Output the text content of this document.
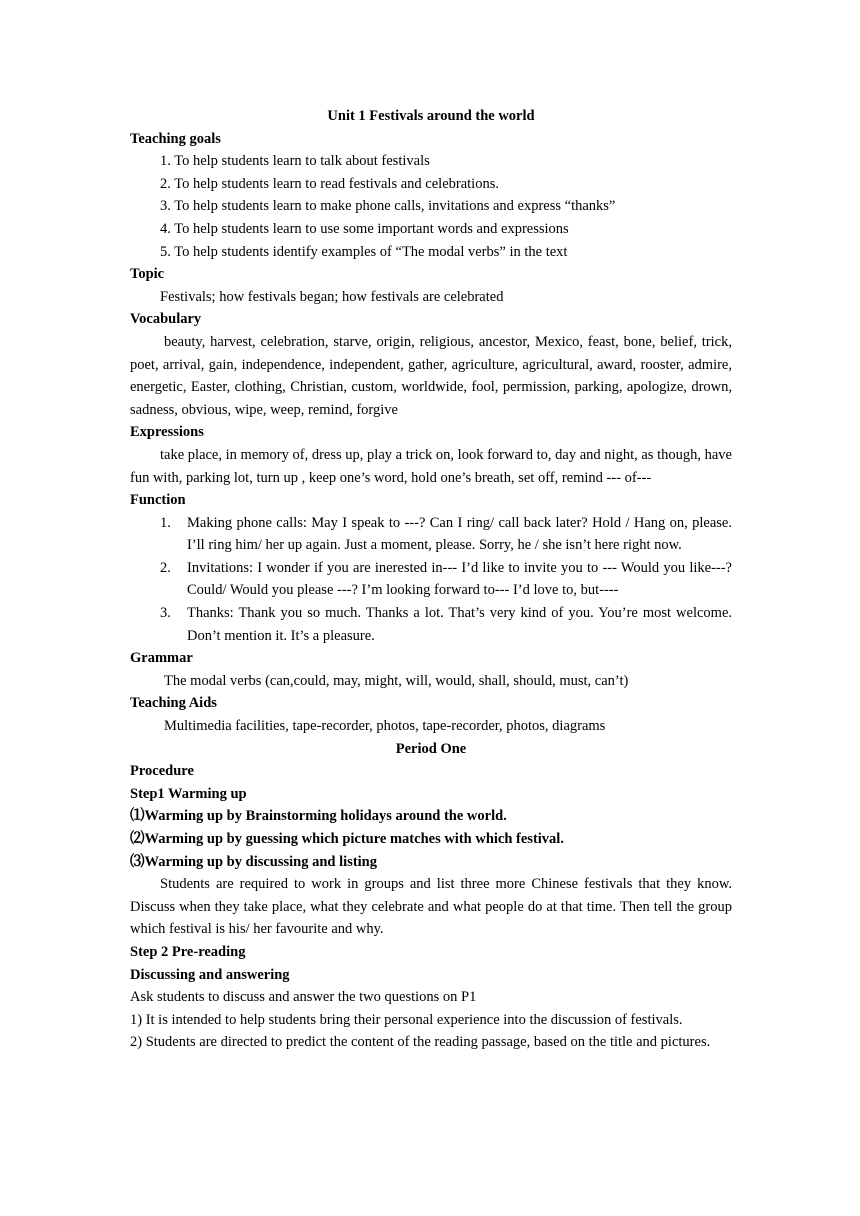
Unit 1 Festivals around the world
Teaching goals
1. To help students learn to talk about festivals
2. To help students learn to read festivals and celebrations.
3. To help students learn to make phone calls, invitations and express “thanks”
4. To help students learn to use some important words and expressions
5. To help students identify examples of “The modal verbs” in the text
Topic
Festivals; how festivals began; how festivals are celebrated
Vocabulary
beauty, harvest, celebration, starve, origin, religious, ancestor, Mexico, feast, bone, belief, trick, poet, arrival, gain, independence, independent, gather, agriculture, agricultural, award, rooster, admire, energetic, Easter, clothing, Christian, custom, worldwide, fool, permission, parking, apologize, drown, sadness, obvious, wipe, weep, remind, forgive
Expressions
take place, in memory of, dress up, play a trick on, look forward to, day and night, as though, have fun with, parking lot, turn up , keep one’s word, hold one’s breath, set off, remind --- of---
Function
1. Making phone calls: May I speak to ---? Can I ring/ call back later? Hold / Hang on, please. I’ll ring him/ her up again. Just a moment, please. Sorry, he / she isn’t here right now.
2. Invitations: I wonder if you are inerested in--- I’d like to invite you to --- Would you like---? Could/ Would you please ---? I’m looking forward to--- I’d love to, but----
3. Thanks: Thank you so much. Thanks a lot. That’s very kind of you. You’re most welcome. Don’t mention it. It’s a pleasure.
Grammar
The modal verbs (can,could, may, might, will, would, shall, should, must, can’t)
Teaching Aids
Multimedia facilities, tape-recorder, photos, tape-recorder, photos, diagrams
Period One
Procedure
Step1 Warming up
⑴Warming up by Brainstorming holidays around the world.
⑵Warming up by guessing which picture matches with which festival.
⑶Warming up by discussing and listing
Students are required to work in groups and list three more Chinese festivals that they know. Discuss when they take place, what they celebrate and what people do at that time. Then tell the group which festival is his/ her favourite and why.
Step 2 Pre-reading
Discussing and answering
Ask students to discuss and answer the two questions on P1
1) It is intended to help students bring their personal experience into the discussion of festivals.
2) Students are directed to predict the content of the reading passage, based on the title and pictures.
